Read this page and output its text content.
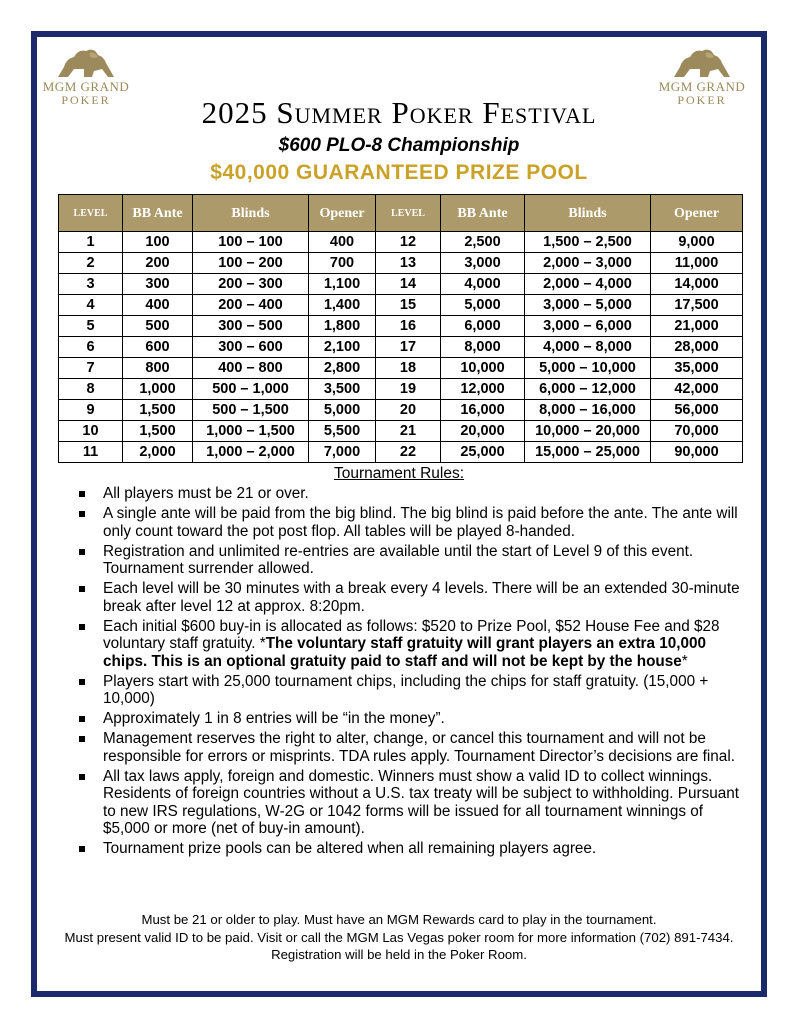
MGM GRAND
POKER
MGM GRAND
POKER
2025 Summer Poker Festival
$600 PLO-8 Championship
$40,000 GUARANTEED PRIZE POOL
LEVEL	BB Ante	Blinds	Opener	LEVEL	BB Ante	Blinds	Opener
1	100	100 – 100	400	12	2,500	1,500 – 2,500	9,000
2	200	100 – 200	700	13	3,000	2,000 – 3,000	11,000
3	300	200 – 300	1,100	14	4,000	2,000 – 4,000	14,000
4	400	200 – 400	1,400	15	5,000	3,000 – 5,000	17,500
5	500	300 – 500	1,800	16	6,000	3,000 – 6,000	21,000
6	600	300 – 600	2,100	17	8,000	4,000 – 8,000	28,000
7	800	400 – 800	2,800	18	10,000	5,000 – 10,000	35,000
8	1,000	500 – 1,000	3,500	19	12,000	6,000 – 12,000	42,000
9	1,500	500 – 1,500	5,000	20	16,000	8,000 – 16,000	56,000
10	1,500	1,000 – 1,500	5,500	21	20,000	10,000 – 20,000	70,000
11	2,000	1,000 – 2,000	7,000	22	25,000	15,000 – 25,000	90,000
Tournament Rules:
All players must be 21 or over.
A single ante will be paid from the big blind. The big blind is paid before the ante. The ante will only count toward the pot post flop. All tables will be played 8-handed.
Registration and unlimited re-entries are available until the start of Level 9 of this event. Tournament surrender allowed.
Each level will be 30 minutes with a break every 4 levels. There will be an extended 30-minute break after level 12 at approx. 8:20pm.
Each initial $600 buy-in is allocated as follows: $520 to Prize Pool, $52 House Fee and $28 voluntary staff gratuity. *The voluntary staff gratuity will grant players an extra 10,000 chips. This is an optional gratuity paid to staff and will not be kept by the house*
Players start with 25,000 tournament chips, including the chips for staff gratuity. (15,000 + 10,000)
Approximately 1 in 8 entries will be “in the money”.
Management reserves the right to alter, change, or cancel this tournament and will not be responsible for errors or misprints. TDA rules apply. Tournament Director’s decisions are final.
All tax laws apply, foreign and domestic. Winners must show a valid ID to collect winnings. Residents of foreign countries without a U.S. tax treaty will be subject to withholding. Pursuant to new IRS regulations, W-2G or 1042 forms will be issued for all tournament winnings of $5,000 or more (net of buy-in amount).
Tournament prize pools can be altered when all remaining players agree.
Must be 21 or older to play. Must have an MGM Rewards card to play in the tournament.
Must present valid ID to be paid. Visit or call the MGM Las Vegas poker room for more information (702) 891-7434. Registration will be held in the Poker Room.
